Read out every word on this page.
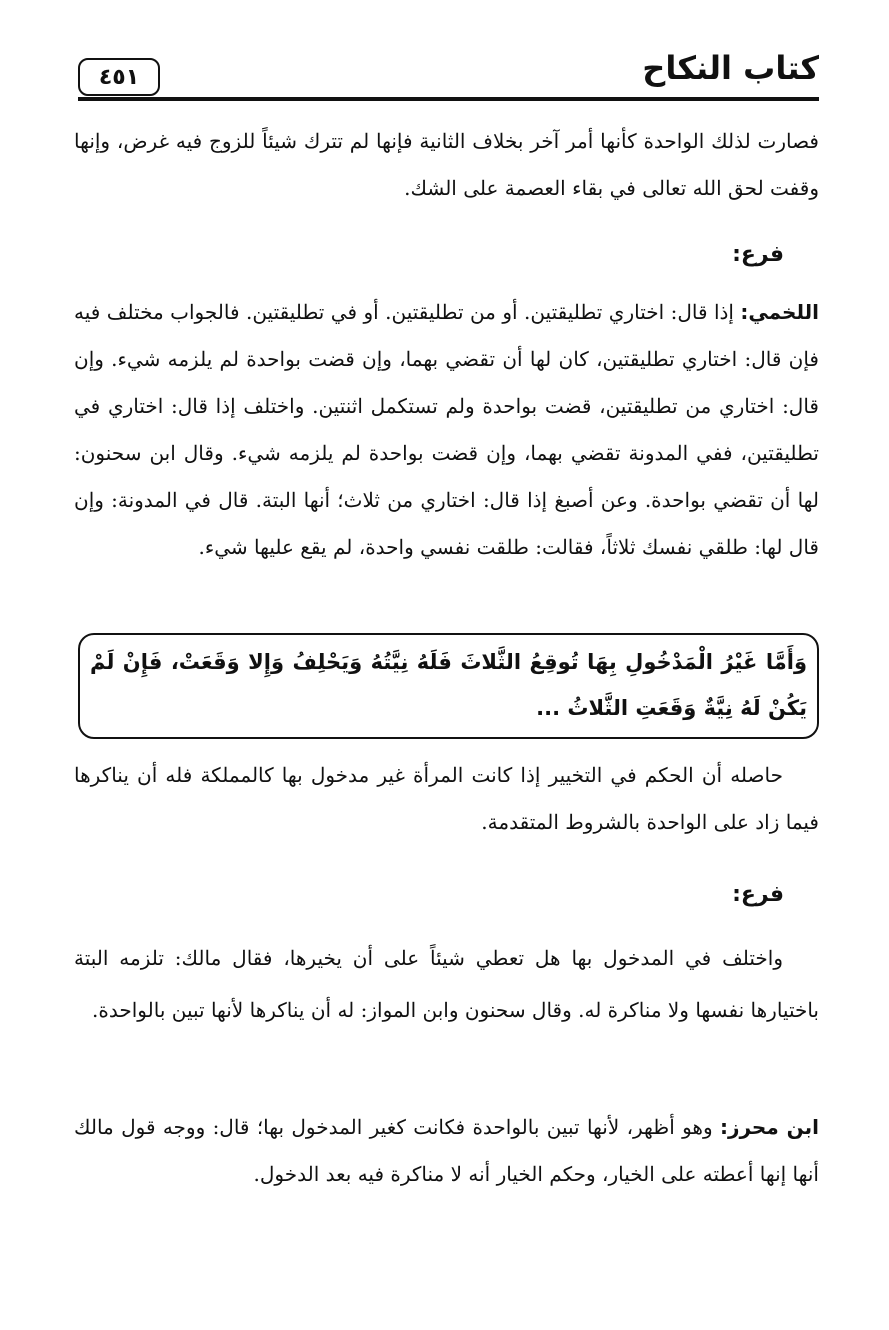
كتاب النكاح
٤٥١

فصارت لذلك الواحدة كأنها أمر آخر بخلاف الثانية فإنها لم تترك شيئاً للزوج فيه غرض، وإنها وقفت لحق الله تعالى في بقاء العصمة على الشك.

فرع:

اللخمي: إذا قال: اختاري تطليقتين. أو من تطليقتين. أو في تطليقتين. فالجواب مختلف فيه فإن قال: اختاري تطليقتين، كان لها أن تقضي بهما، وإن قضت بواحدة لم يلزمه شيء. وإن قال: اختاري من تطليقتين، قضت بواحدة ولم تستكمل اثنتين. واختلف إذا قال: اختاري في تطليقتين، ففي المدونة تقضي بهما، وإن قضت بواحدة لم يلزمه شيء. وقال ابن سحنون: لها أن تقضي بواحدة. وعن أصبغ إذا قال: اختاري من ثلاث؛ أنها البتة. قال في المدونة: وإن قال لها: طلقي نفسك ثلاثاً، فقالت: طلقت نفسي واحدة، لم يقع عليها شيء.

وَأَمَّا غَيْرُ الْمَدْخُولِ بِهَا تُوقِعُ الثَّلاثَ فَلَهُ نِيَّتُهُ وَيَحْلِفُ وَإِلا وَقَعَتْ، فَإِنْ لَمْ يَكُنْ لَهُ نِيَّةٌ وَقَعَتِ الثَّلاثُ ...

حاصله أن الحكم في التخيير إذا كانت المرأة غير مدخول بها كالمملكة فله أن يناكرها فيما زاد على الواحدة بالشروط المتقدمة.

فرع:

واختلف في المدخول بها هل تعطي شيئاً على أن يخيرها، فقال مالك: تلزمه البتة باختيارها نفسها ولا مناكرة له. وقال سحنون وابن المواز: له أن يناكرها لأنها تبين بالواحدة.

ابن محرز: وهو أظهر، لأنها تبين بالواحدة فكانت كغير المدخول بها؛ قال: ووجه قول مالك أنها إنها أعطته على الخيار، وحكم الخيار أنه لا مناكرة فيه بعد الدخول.
